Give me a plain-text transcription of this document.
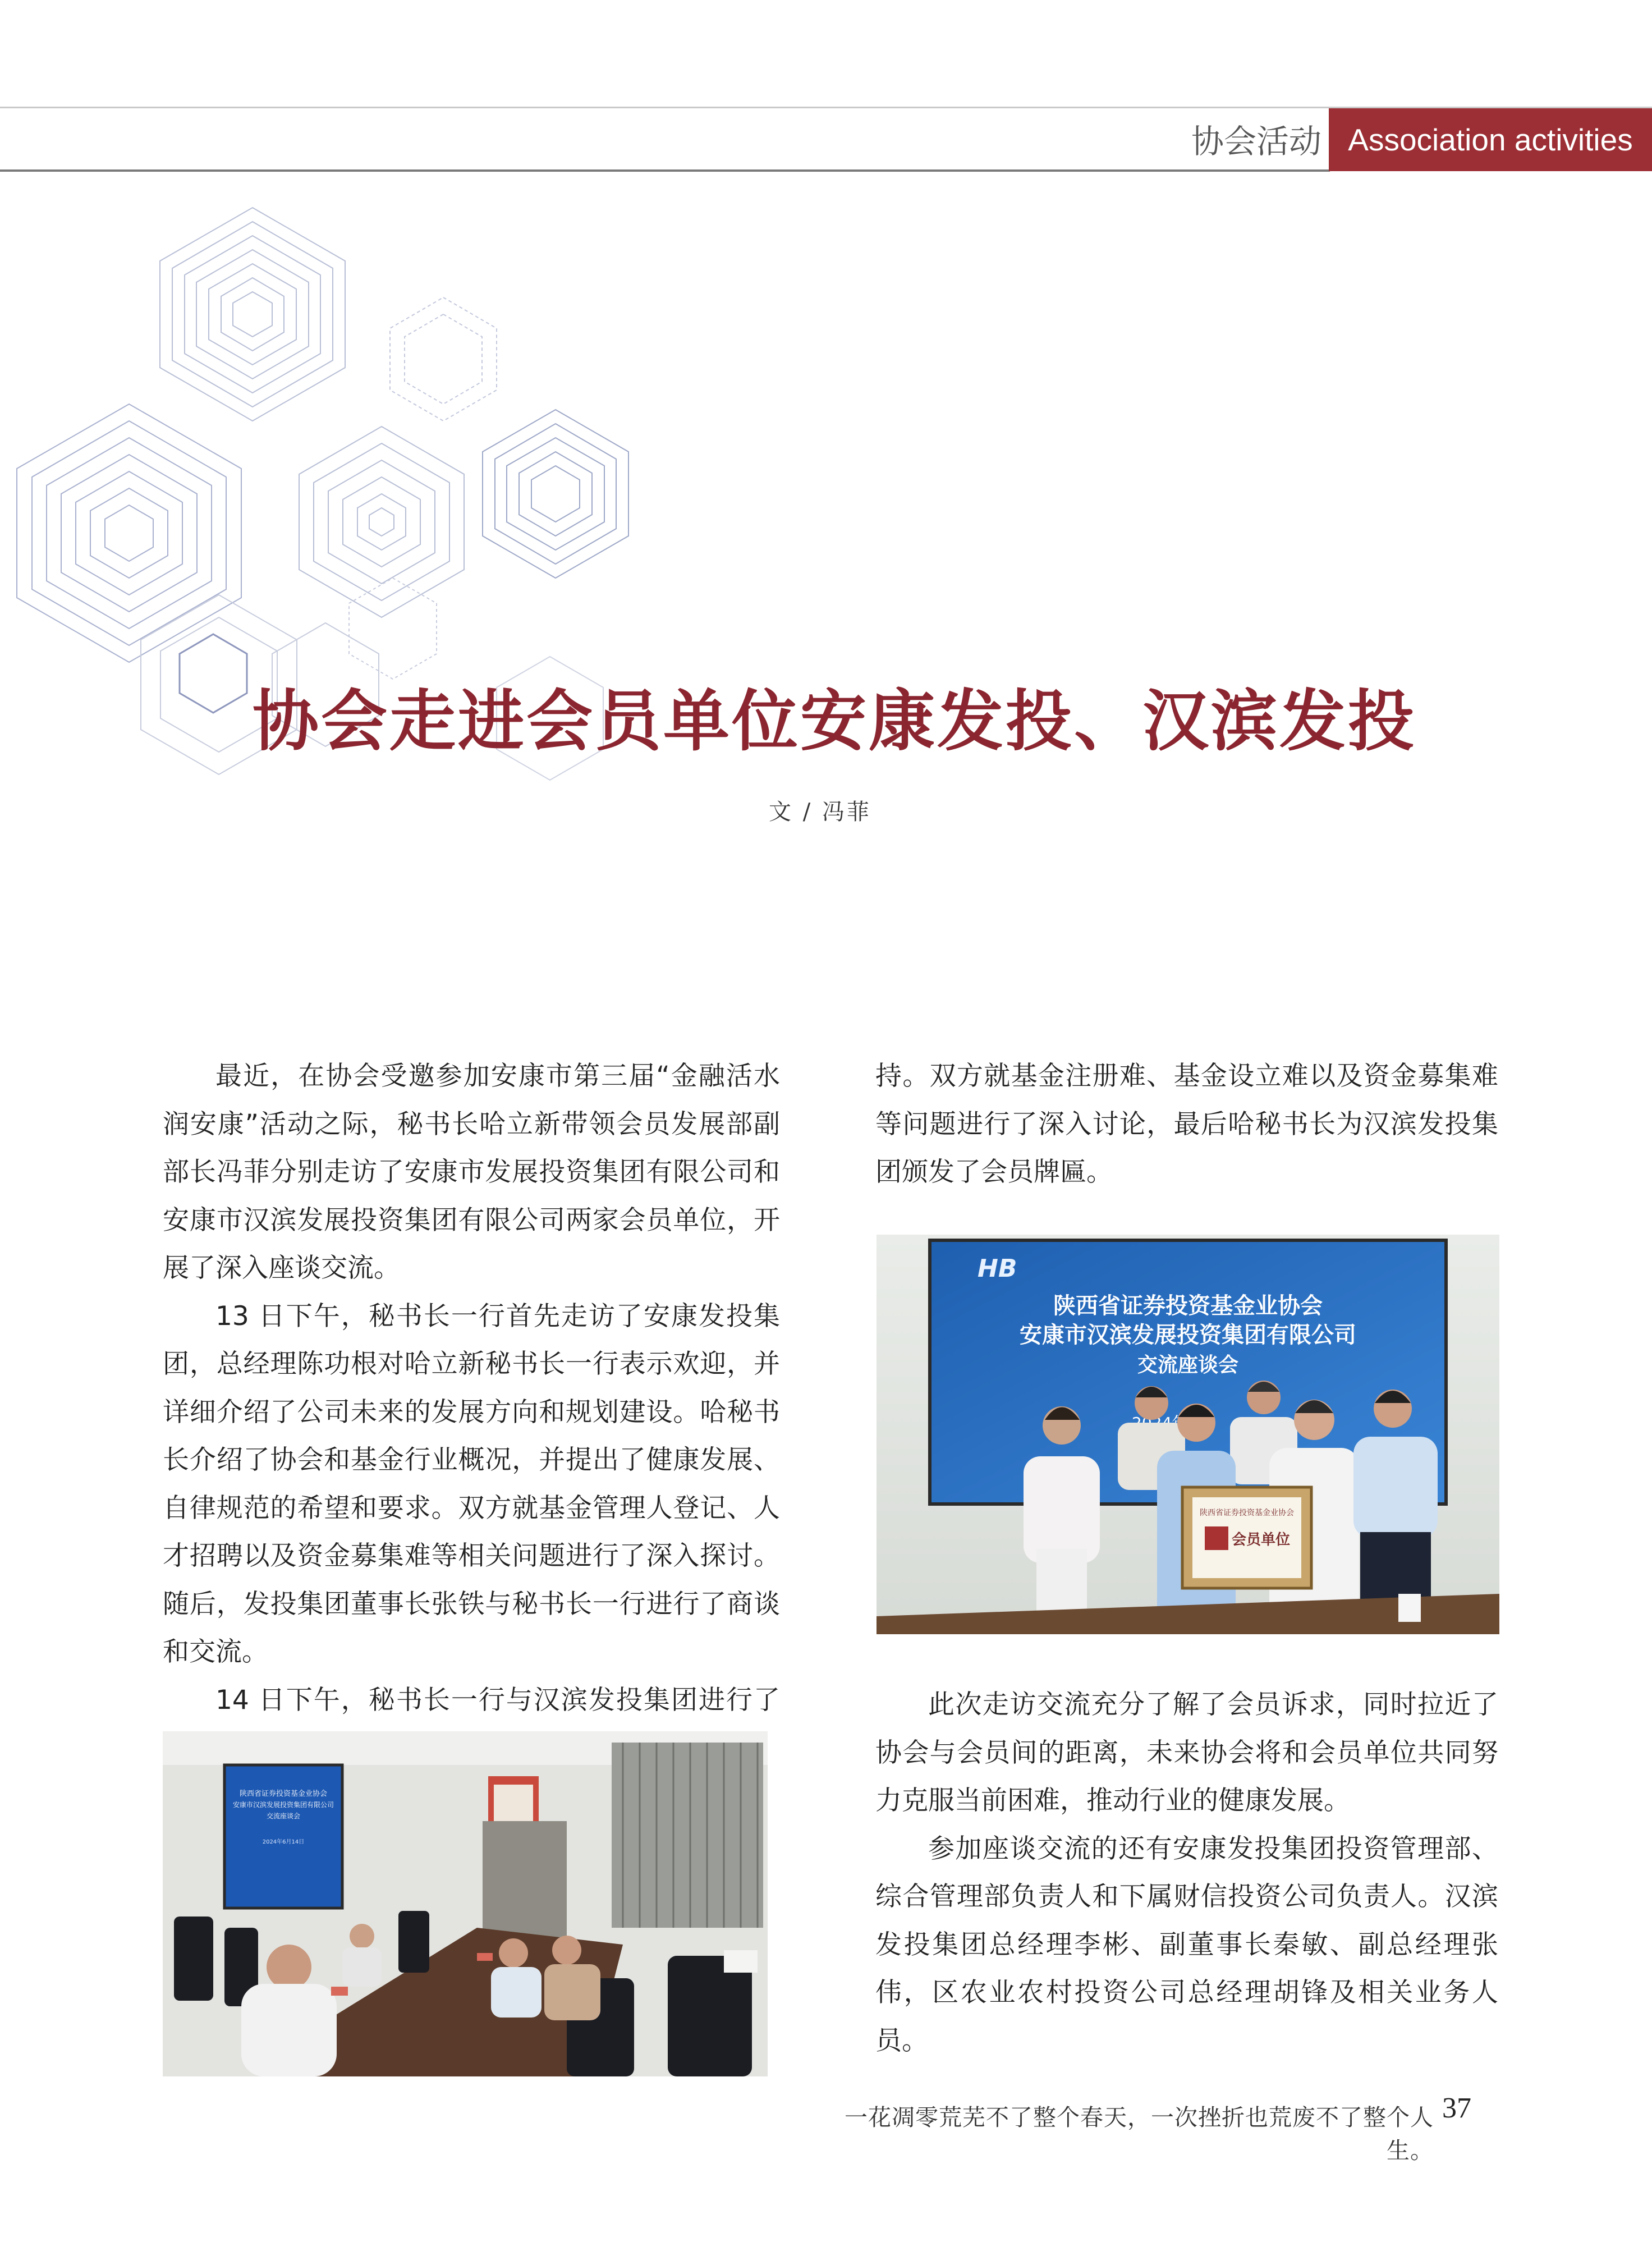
协会活动 Association activities
协会走进会员单位安康发投、汉滨发投
文 / 冯菲

最近，在协会受邀参加安康市第三届“金融活水润安康”活动之际，秘书长哈立新带领会员发展部副部长冯菲分别走访了安康市发展投资集团有限公司和安康市汉滨发展投资集团有限公司两家会员单位，开展了深入座谈交流。

13 日下午，秘书长一行首先走访了安康发投集团，总经理陈功根对哈立新秘书长一行表示欢迎，并详细介绍了公司未来的发展方向和规划建设。哈秘书长介绍了协会和基金行业概况，并提出了健康发展、自律规范的希望和要求。双方就基金管理人登记、人才招聘以及资金募集难等相关问题进行了深入探讨。随后，发投集团董事长张铁与秘书长一行进行了商谈和交流。

14 日下午，秘书长一行与汉滨发投集团进行了

持。双方就基金注册难、基金设立难以及资金募集难等问题进行了深入讨论，最后哈秘书长为汉滨发投集团颁发了会员牌匾。

HB
陕西省证券投资基金业协会
安康市汉滨发展投资集团有限公司
交流座谈会
陕西省证券投资基金业协会
会员单位

此次走访交流充分了解了会员诉求，同时拉近了协会与会员间的距离，未来协会将和会员单位共同努力克服当前困难，推动行业的健康发展。

参加座谈交流的还有安康发投集团投资管理部、综合管理部负责人和下属财信投资公司负责人。汉滨发投集团总经理李彬、副董事长秦敏、副总经理张伟，区农业农村投资公司总经理胡锋及相关业务人员。

陕西省证券投资基金业协会
安康市汉滨发展投资集团有限公司
交流座谈会
2024年6月14日
一花凋零荒芜不了整个春天，一次挫折也荒废不了整个人生。
37
